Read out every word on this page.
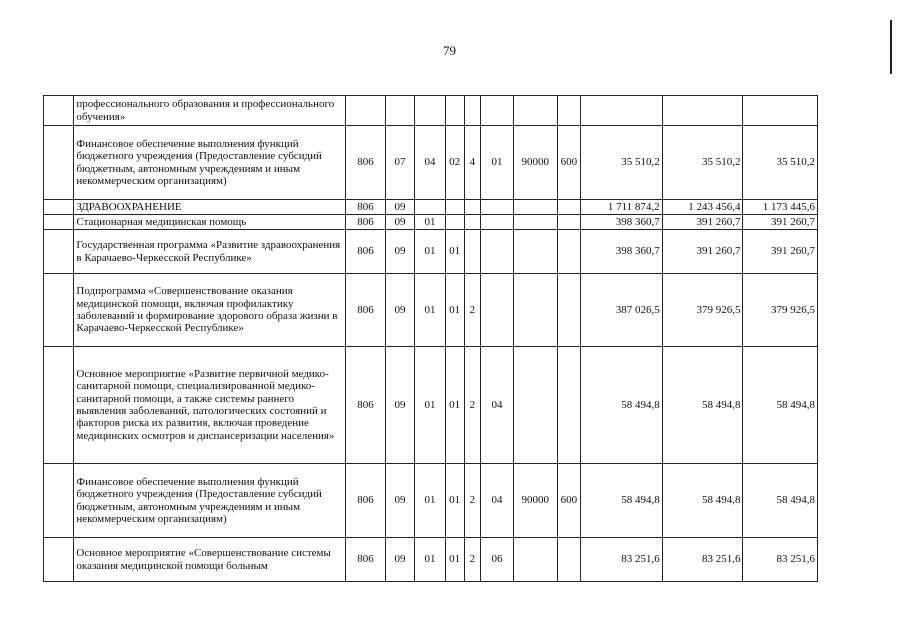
79
	профессионального образования и профессионального обучения»											
	Финансовое обеспечение выполнения функций бюджетного учреждения (Предоставление субсидий бюджетным, автономным учреждениям и иным некоммерческим организациям)	806	07	04	02	4	01	90000	600	35 510,2	35 510,2	35 510,2
	ЗДРАВООХРАНЕНИЕ	806	09							1 711 874,2	1 243 456,4	1 173 445,6
	Стационарная медицинская помощь	806	09	01						398 360,7	391 260,7	391 260,7
	Государственная программа «Развитие здравоохранения в Карачаево-Черкесской Республике»	806	09	01	01					398 360,7	391 260,7	391 260,7
	Подпрограмма «Совершенствование оказания медицинской помощи, включая профилактику заболеваний и формирование здорового образа жизни в Карачаево-Черкесской Республике»	806	09	01	01	2				387 026,5	379 926,5	379 926,5
	Основное мероприятие «Развитие первичной медико-санитарной помощи, специализированной медико-санитарной помощи, а также системы раннего выявления заболеваний, патологических состояний и факторов риска их развития, включая проведение медицинских осмотров и диспансеризации населения»	806	09	01	01	2	04			58 494,8	58 494,8	58 494,8
	Финансовое обеспечение выполнения функций бюджетного учреждения (Предоставление субсидий бюджетным, автономным учреждениям и иным некоммерческим организациям)	806	09	01	01	2	04	90000	600	58 494,8	58 494,8	58 494,8
	Основное мероприятие «Совершенствование системы оказания медицинской помощи больным	806	09	01	01	2	06			83 251,6	83 251,6	83 251,6
